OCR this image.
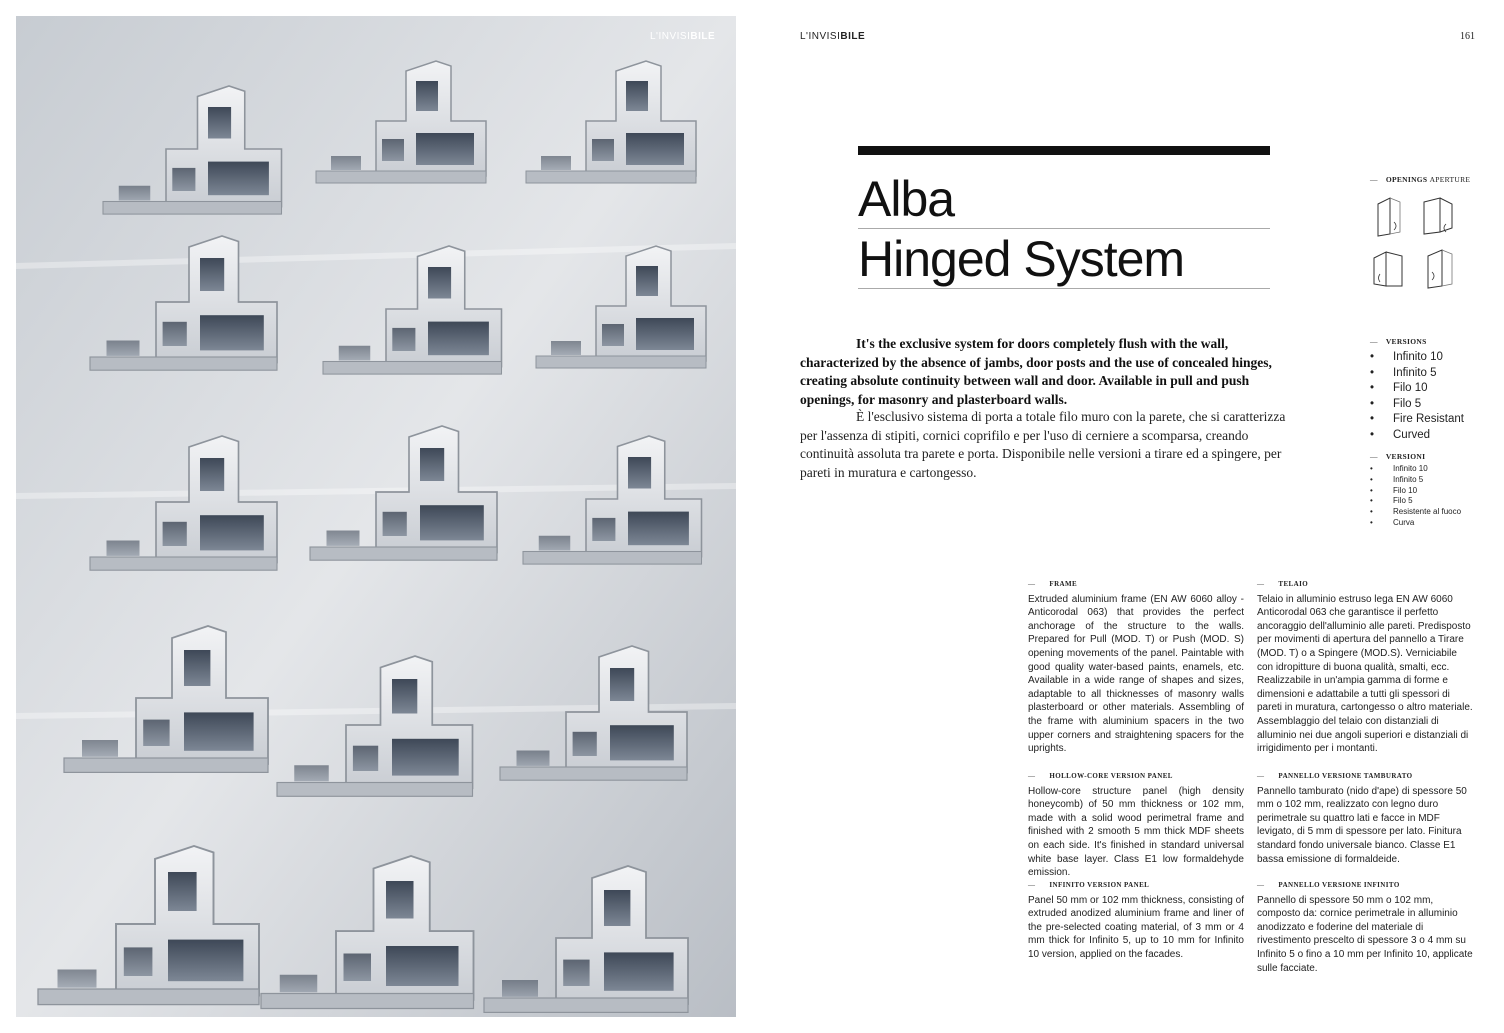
L'INVISIBILE	L'INVISIBILE	161
Alba
Hinged System
It's the exclusive system for doors completely flush with the wall, characterized by the absence of jambs, door posts and the use of concealed hinges, creating absolute continuity between wall and door. Available in pull and push openings, for masonry and plasterboard walls.
È l'esclusivo sistema di porta a totale filo muro con la parete, che si caratterizza per l'assenza di stipiti, cornici coprifilo e per l'uso di cerniere a scomparsa, creando continuità assoluta tra parete e porta. Disponibile nelle versioni a tirare ed a spingere, per pareti in muratura e cartongesso.
— OPENINGS APERTURE
— VERSIONS
• Infinito 10
• Infinito 5
• Filo 10
• Filo 5
• Fire Resistant
• Curved
— VERSIONI
• Infinito 10
• Infinito 5
• Filo 10
• Filo 5
• Resistente al fuoco
• Curva
— FRAME
Extruded aluminium frame (EN AW 6060 alloy - Anticorodal 063) that provides the perfect anchorage of the structure to the walls. Prepared for Pull (MOD. T) or Push (MOD. S) opening movements of the panel. Paintable with good quality water-based paints, enamels, etc. Available in a wide range of shapes and sizes, adaptable to all thicknesses of masonry walls plasterboard or other materials. Assembling of the frame with aluminium spacers in the two upper corners and straightening spacers for the uprights.
— TELAIO
Telaio in alluminio estruso lega EN AW 6060 Anticorodal 063 che garantisce il perfetto ancoraggio dell'alluminio alle pareti. Predisposto per movimenti di apertura del pannello a Tirare (MOD. T) o a Spingere (MOD.S). Verniciabile con idropitture di buona qualità, smalti, ecc. Realizzabile in un'ampia gamma di forme e dimensioni e adattabile a tutti gli spessori di pareti in muratura, cartongesso o altro materiale. Assemblaggio del telaio con distanziali di alluminio nei due angoli superiori e distanziali di irrigidimento per i montanti.
— HOLLOW-CORE VERSION PANEL
Hollow-core structure panel (high density honeycomb) of 50 mm thickness or 102 mm, made with a solid wood perimetral frame and finished with 2 smooth 5 mm thick MDF sheets on each side. It's finished in standard universal white base layer. Class E1 low formaldehyde emission.
— PANNELLO VERSIONE TAMBURATO
Pannello tamburato (nido d'ape) di spessore 50 mm o 102 mm, realizzato con legno duro perimetrale su quattro lati e facce in MDF levigato, di 5 mm di spessore per lato. Finitura standard fondo universale bianco. Classe E1 bassa emissione di formaldeide.
— INFINITO VERSION PANEL
Panel 50 mm or 102 mm thickness, consisting of extruded anodized aluminium frame and liner of the pre-selected coating material, of 3 mm or 4 mm thick for Infinito 5, up to 10 mm for Infinito 10 version, applied on the facades.
— PANNELLO VERSIONE INFINITO
Pannello di spessore 50 mm o 102 mm, composto da: cornice perimetrale in alluminio anodizzato e foderine del materiale di rivestimento prescelto di spessore 3 o 4 mm su Infinito 5 o fino a 10 mm per Infinito 10, applicate sulle facciate.
